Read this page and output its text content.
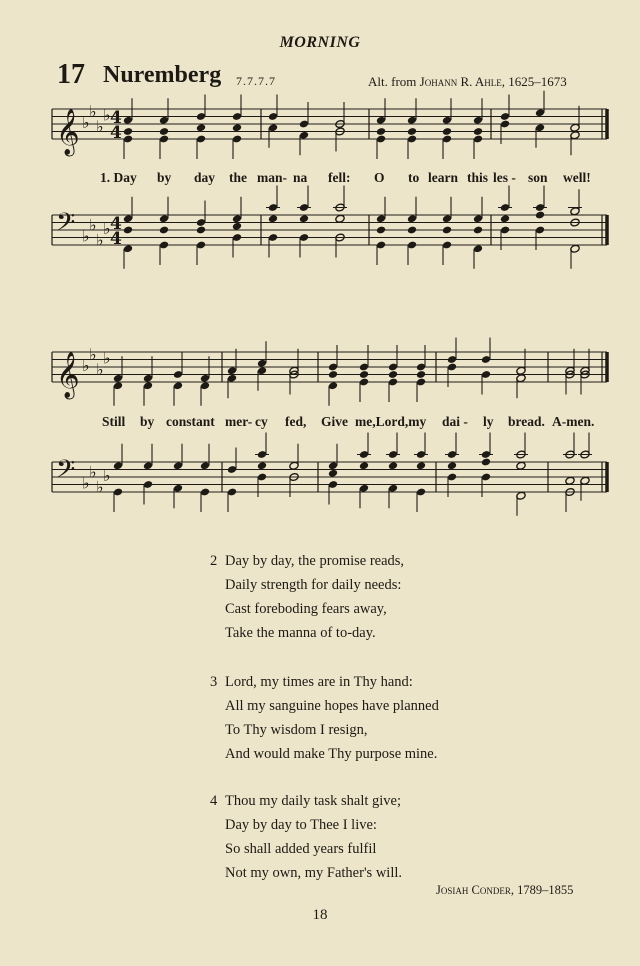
MORNING
17 Nuremberg 7.7.7.7	Alt. from Johann R. Ahle, 1625–1673
𝄞 ♭
♭
♭
♭ 4
4
𝄢 ♭
♭
♭
♭ 4
4
𝄞 ♭
♭
♭
♭
𝄢 ♭
♭
♭
♭
1. Day by day the man- na fell: O to learn this les - son well!
Still by constant mer- cy fed, Give me,Lord,my dai - ly bread. A-men.
2 Day by day, the promise reads,
Daily strength for daily needs:
Cast foreboding fears away,
Take the manna of to-day.
3 Lord, my times are in Thy hand:
All my sanguine hopes have planned
To Thy wisdom I resign,
And would make Thy purpose mine.
4 Thou my daily task shalt give;
Day by day to Thee I live:
So shall added years fulfil
Not my own, my Father's will.
Josiah Conder, 1789–1855
18
